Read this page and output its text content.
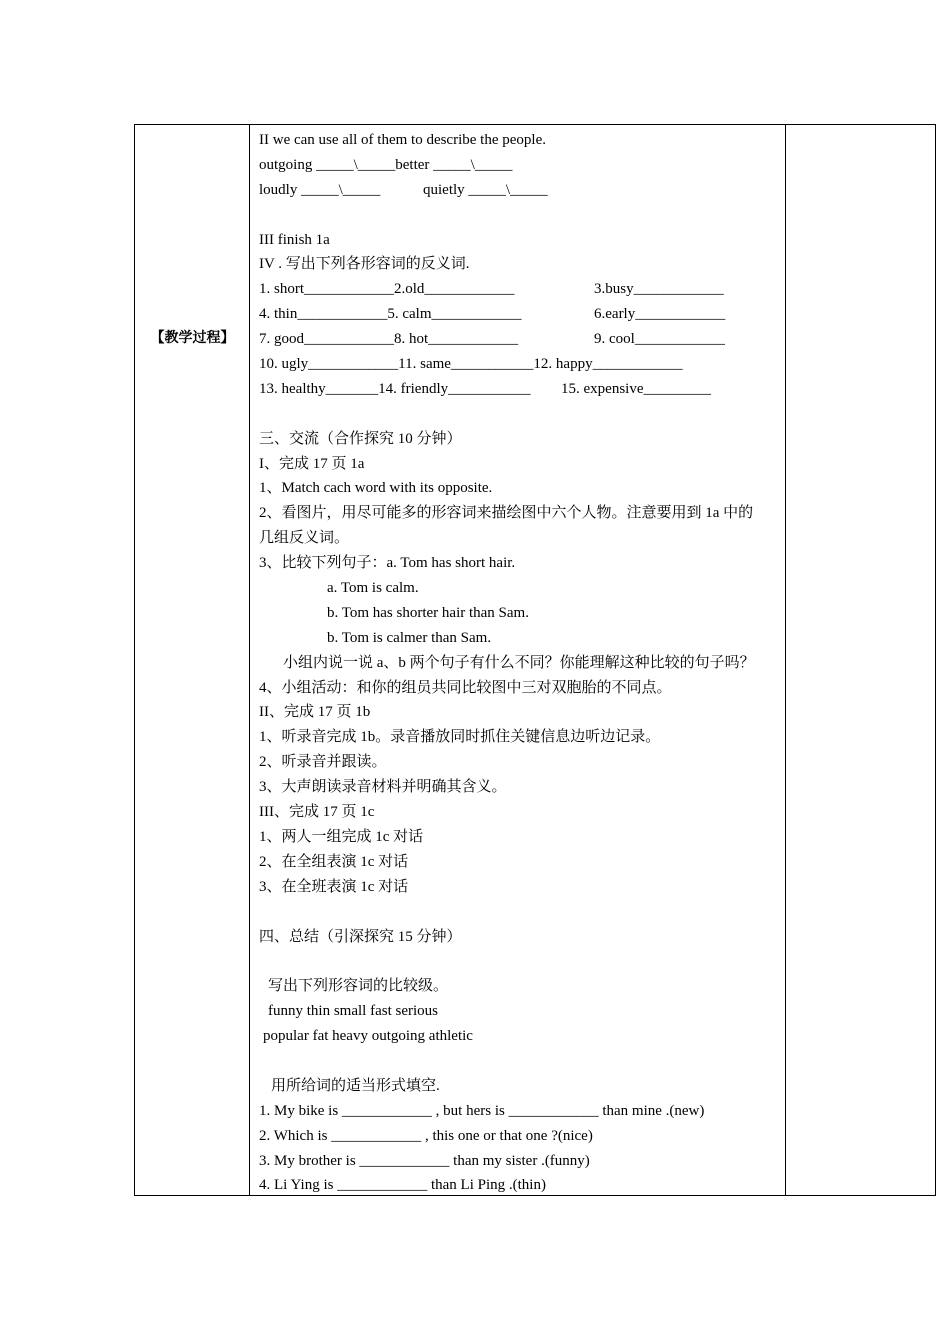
【教学过程】
II we can use all of them to describe the people.
outgoing _____\_____better _____\_____
loudly _____\_____	quietly _____\_____
III finish 1a
IV . 写出下列各形容词的反义词.
1. short____________2.old____________	3.busy____________
4. thin____________5. calm____________	6.early____________
7. good____________8. hot____________	9. cool____________
10. ugly____________11. same___________12. happy____________
13. healthy_______14. friendly___________ 15. expensive_________
三、交流（合作探究 10 分钟）
I、完成 17 页 1a
1、Match cach word with its opposite.
2、看图片，用尽可能多的形容词来描绘图中六个人物。注意要用到 1a 中的
几组反义词。
3、比较下列句子：a. Tom has short hair.
a. Tom is calm.
b. Tom has shorter hair than Sam.
b. Tom is calmer than Sam.
小组内说一说 a、b 两个句子有什么不同？你能理解这种比较的句子吗？
4、小组活动：和你的组员共同比较图中三对双胞胎的不同点。
II、完成 17 页 1b
1、听录音完成 1b。录音播放同时抓住关键信息边听边记录。
2、听录音并跟读。
3、大声朗读录音材料并明确其含义。
III、完成 17 页 1c
1、两人一组完成 1c 对话
2、在全组表演 1c 对话
3、在全班表演 1c 对话
四、总结（引深探究 15 分钟）
写出下列形容词的比较级。
funny thin small fast serious
popular fat heavy outgoing athletic
用所给词的适当形式填空.
1. My bike is ____________ , but hers is ____________ than mine .(new)
2. Which is ____________ , this one or that one ?(nice)
3. My brother is ____________ than my sister .(funny)
4. Li Ying is ____________ than Li Ping .(thin)
